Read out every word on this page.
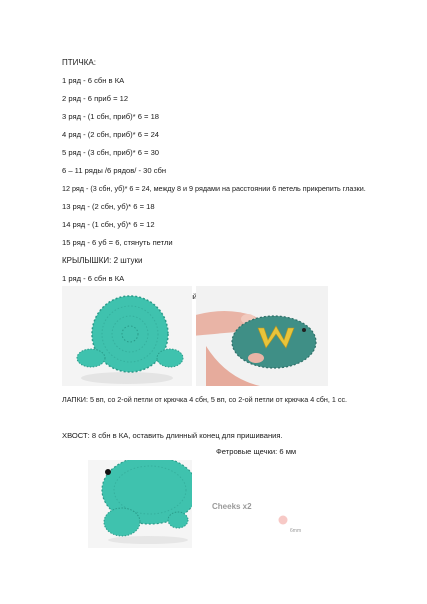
ПТИЧКА:
1 ряд - 6 сбн в КА
2 ряд - 6 приб = 12
3 ряд - (1 сбн, приб)* 6 = 18
4 ряд - (2 сбн, приб)* 6 = 24
5 ряд - (3 сбн, приб)* 6 = 30
6 – 11 ряды /6 рядов/ - 30 сбн
12 ряд - (3 сбн, уб)* 6 = 24, между 8 и 9 рядами на расстоянии 6 петель прикрепить глазки.
13 ряд - (2 сбн, уб)* 6 = 18
14 ряд - (1 сбн, уб)* 6 = 12
15 ряд - 6 уб = 6, стянуть петли
КРЫЛЫШКИ: 2 штуки
1 ряд - 6 сбн в КА
ЛАПКИ: 5 вп, со 2-ой петли от крючка 4 сбн, 5 вп, со 2-ой петли от крючка 4 сбн, 1 сс.
ХВОСТ: 8 сбн в КА, оставить длинный конец для пришивания.
Фетровые щечки: 6 мм
Cheeks x2
6mm
